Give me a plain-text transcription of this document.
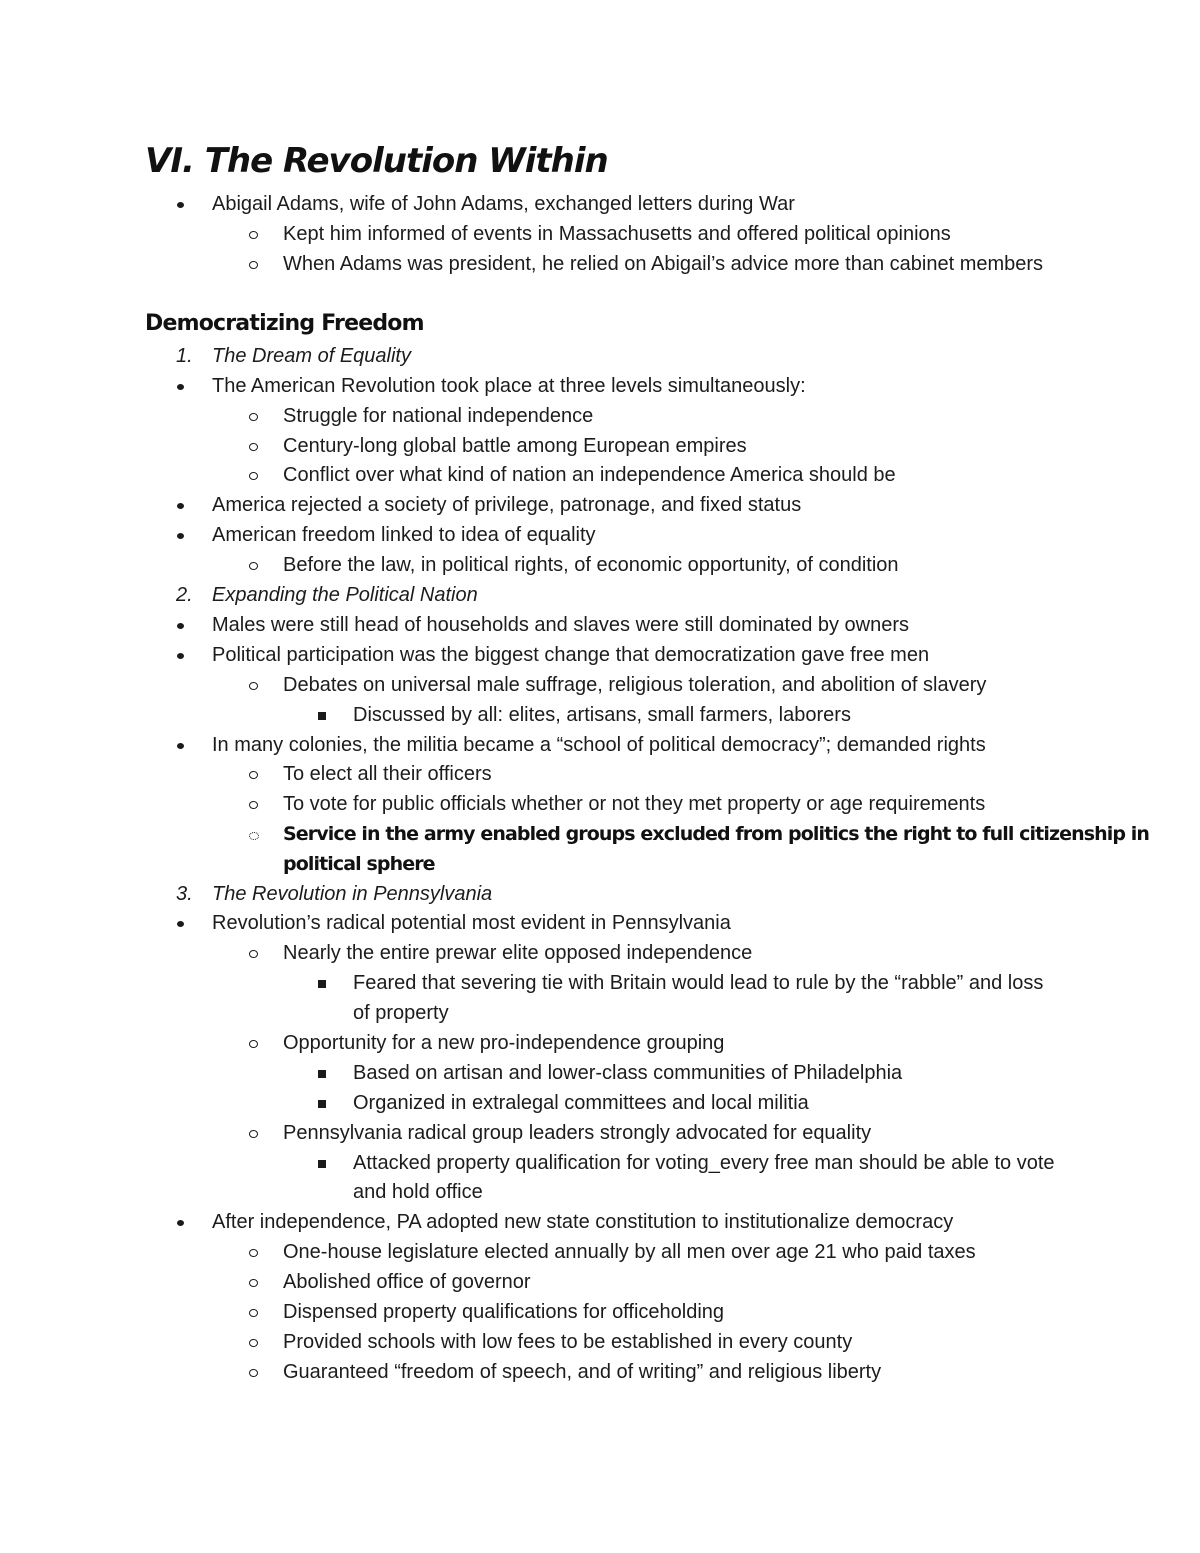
VI. The Revolution Within
Abigail Adams, wife of John Adams, exchanged letters during War
Kept him informed of events in Massachusetts and offered political opinions
When Adams was president, he relied on Abigail’s advice more than cabinet members
Democratizing Freedom
1. The Dream of Equality
The American Revolution took place at three levels simultaneously:
Struggle for national independence
Century-long global battle among European empires
Conflict over what kind of nation an independence America should be
America rejected a society of privilege, patronage, and fixed status
American freedom linked to idea of equality
Before the law, in political rights, of economic opportunity, of condition
2. Expanding the Political Nation
Males were still head of households and slaves were still dominated by owners
Political participation was the biggest change that democratization gave free men
Debates on universal male suffrage, religious toleration, and abolition of slavery
Discussed by all: elites, artisans, small farmers, laborers
In many colonies, the militia became a “school of political democracy”; demanded rights
To elect all their officers
To vote for public officials whether or not they met property or age requirements
Service in the army enabled groups excluded from politics the right to full citizenship in
political sphere
3. The Revolution in Pennsylvania
Revolution’s radical potential most evident in Pennsylvania
Nearly the entire prewar elite opposed independence
Feared that severing tie with Britain would lead to rule by the “rabble” and loss
of property
Opportunity for a new pro-independence grouping
Based on artisan and lower-class communities of Philadelphia
Organized in extralegal committees and local militia
Pennsylvania radical group leaders strongly advocated for equality
Attacked property qualification for voting_every free man should be able to vote
and hold office
After independence, PA adopted new state constitution to institutionalize democracy
One-house legislature elected annually by all men over age 21 who paid taxes
Abolished office of governor
Dispensed property qualifications for officeholding
Provided schools with low fees to be established in every county
Guaranteed “freedom of speech, and of writing” and religious liberty
